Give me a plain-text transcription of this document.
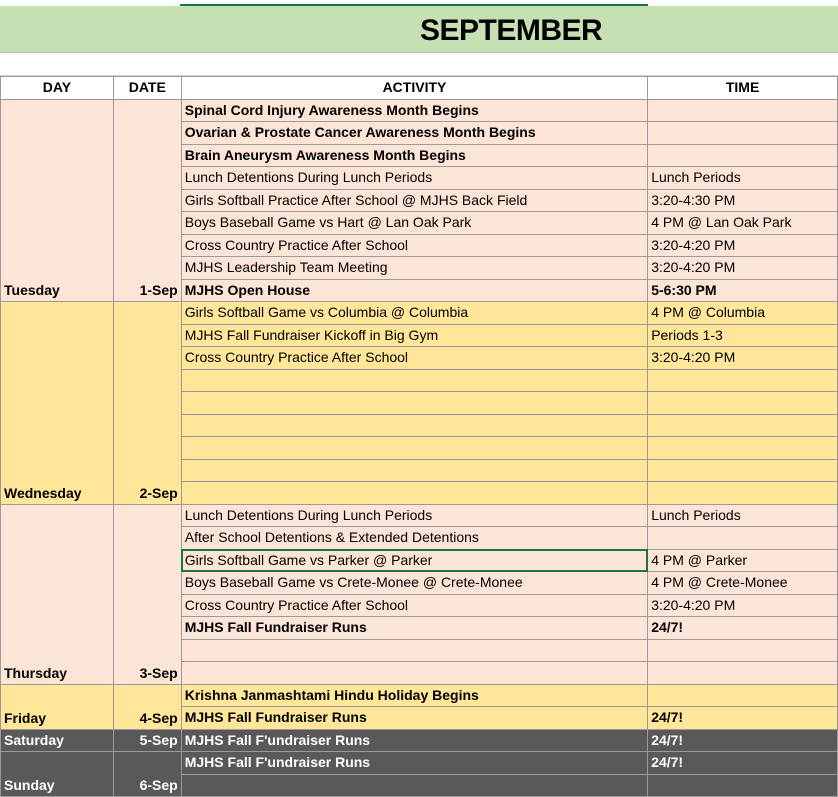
SEPTEMBER
DAY	DATE	ACTIVITY	TIME
Tuesday	1-Sep	Spinal Cord Injury Awareness Month Begins	
		Ovarian & Prostate Cancer Awareness Month Begins	
		Brain Aneurysm Awareness Month Begins	
		Lunch Detentions During Lunch Periods	Lunch Periods
		Girls Softball Practice After School @ MJHS Back Field	3:20-4:30 PM
		Boys Baseball Game vs Hart @ Lan Oak Park	4 PM @ Lan Oak Park
		Cross Country Practice After School	3:20-4:20 PM
		MJHS Leadership Team Meeting	3:20-4:20 PM
		MJHS Open House	5-6:30 PM
Wednesday	2-Sep	Girls Softball Game vs Columbia @ Columbia	4 PM @ Columbia
		MJHS Fall Fundraiser Kickoff in Big Gym	Periods 1-3
		Cross Country Practice After School	3:20-4:20 PM

Thursday	3-Sep	Lunch Detentions During Lunch Periods	Lunch Periods
		After School Detentions & Extended Detentions	
		Girls Softball Game vs Parker @ Parker	4 PM @ Parker
		Boys Baseball Game vs Crete-Monee @ Crete-Monee	4 PM @ Crete-Monee
		Cross Country Practice After School	3:20-4:20 PM
		MJHS Fall Fundraiser Runs	24/7!

Friday	4-Sep	Krishna Janmashtami Hindu Holiday Begins	
		MJHS Fall Fundraiser Runs	24/7!
Saturday	5-Sep	MJHS Fall F'undraiser Runs	24/7!
Sunday	6-Sep	MJHS Fall F'undraiser Runs	24/7!
